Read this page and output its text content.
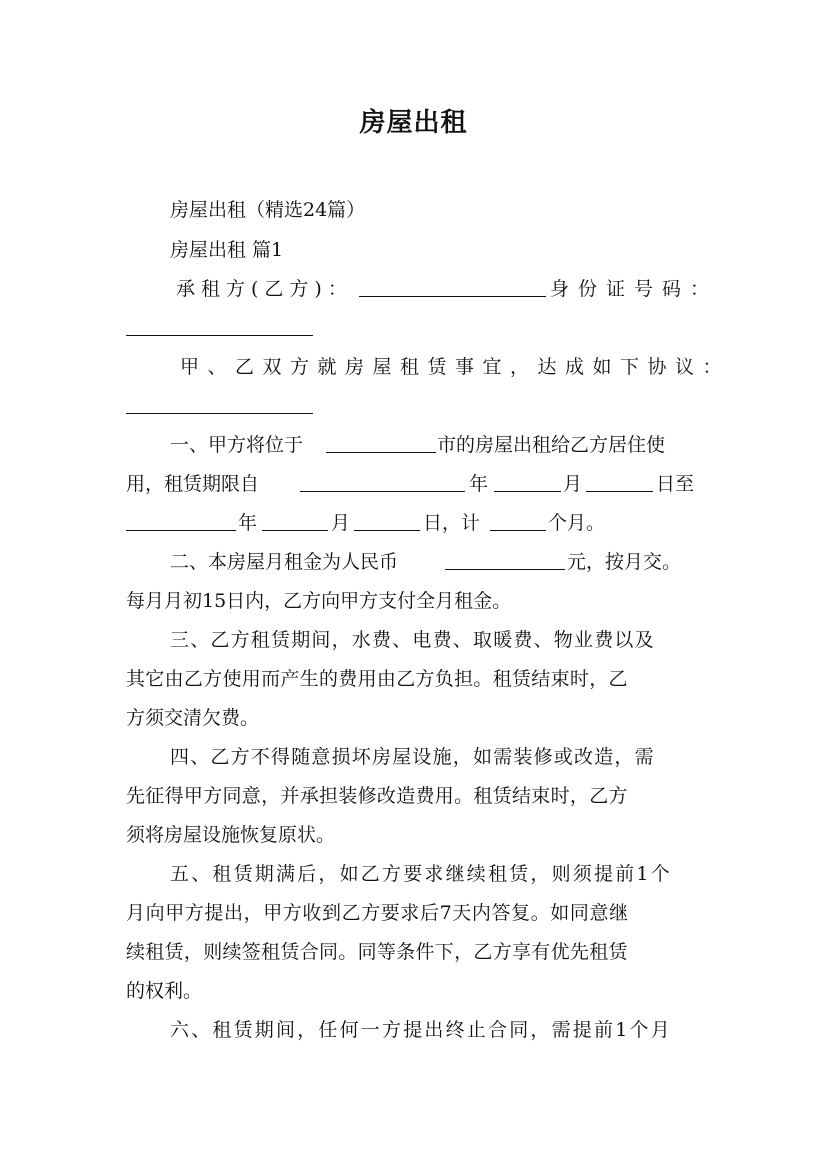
房屋出租
房屋出租（精选24篇）
房屋出租 篇1
承租方(乙方)：	身份证号码：
甲、乙双方就房屋租赁事宜，达成如下协议：
一、甲方将位于	市的房屋出租给乙方居住使
用，租赁期限自	年	月	日至
年	月	日，计	个月。
二、本房屋月租金为人民币	元，按月交。
每月月初15日内，乙方向甲方支付全月租金。
三、乙方租赁期间，水费、电费、取暖费、物业费以及
其它由乙方使用而产生的费用由乙方负担。租赁结束时，乙
方须交清欠费。
四、乙方不得随意损坏房屋设施，如需装修或改造，需
先征得甲方同意，并承担装修改造费用。租赁结束时，乙方
须将房屋设施恢复原状。
五、租赁期满后，如乙方要求继续租赁，则须提前1个
月向甲方提出，甲方收到乙方要求后7天内答复。如同意继
续租赁，则续签租赁合同。同等条件下，乙方享有优先租赁
的权利。
六、租赁期间，任何一方提出终止合同，需提前1个月
